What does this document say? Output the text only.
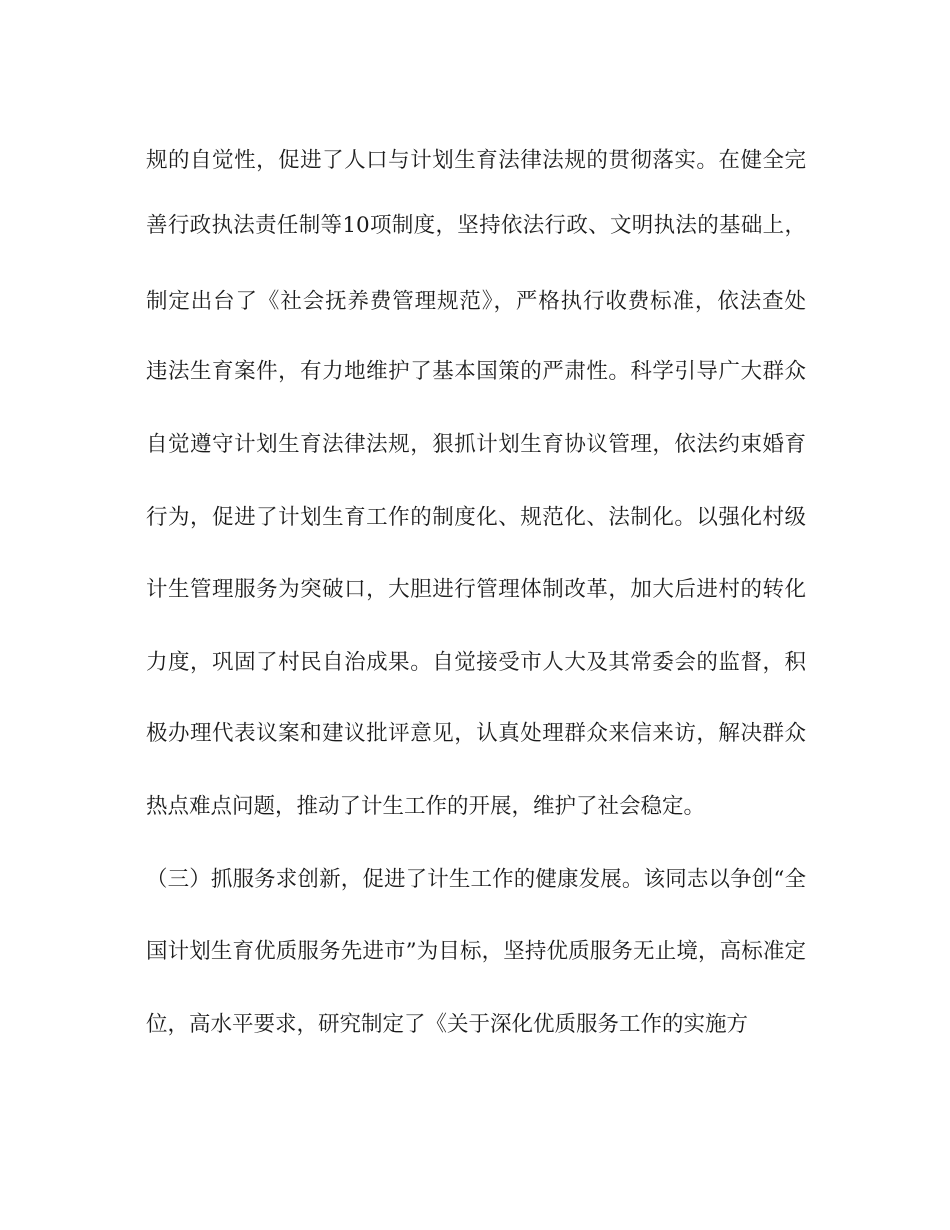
规的自觉性，促进了人口与计划生育法律法规的贯彻落实。在健全完
善行政执法责任制等10项制度，坚持依法行政、文明执法的基础上，
制定出台了《社会抚养费管理规范》，严格执行收费标准，依法查处
违法生育案件，有力地维护了基本国策的严肃性。科学引导广大群众
自觉遵守计划生育法律法规，狠抓计划生育协议管理，依法约束婚育
行为，促进了计划生育工作的制度化、规范化、法制化。以强化村级
计生管理服务为突破口，大胆进行管理体制改革，加大后进村的转化
力度，巩固了村民自治成果。自觉接受市人大及其常委会的监督，积
极办理代表议案和建议批评意见，认真处理群众来信来访，解决群众
热点难点问题，推动了计生工作的开展，维护了社会稳定。
（三）抓服务求创新，促进了计生工作的健康发展。该同志以争创“全
国计划生育优质服务先进市”为目标，坚持优质服务无止境，高标准定
位，高水平要求，研究制定了《关于深化优质服务工作的实施方
